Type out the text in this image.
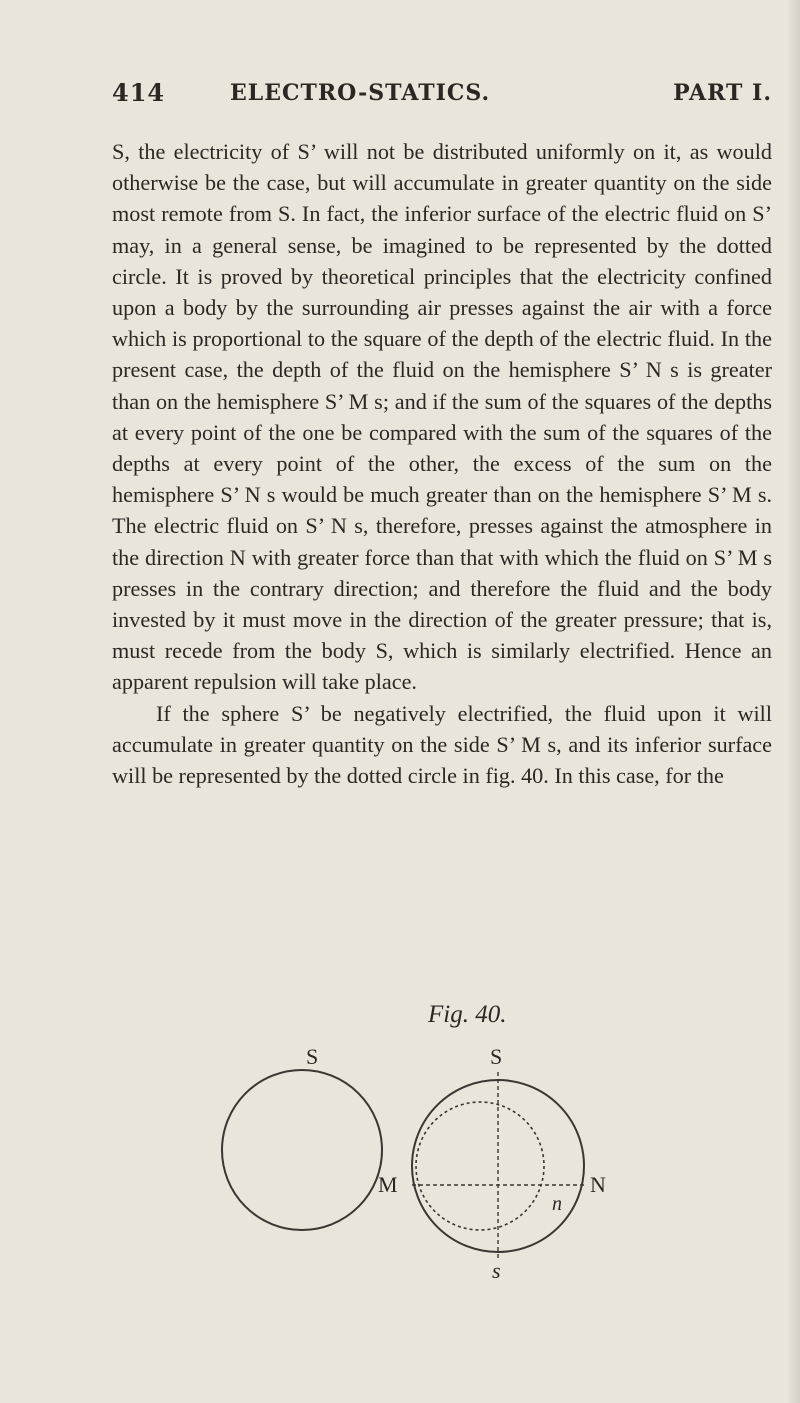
414	ELECTRO-STATICS.	PART I.

S, the electricity of S’ will not be distributed uniformly on it, as would otherwise be the case, but will accumulate in greater quantity on the side most remote from S. In fact, the inferior surface of the electric fluid on S’ may, in a general sense, be imagined to be represented by the dotted circle. It is proved by theoretical principles that the electricity confined upon a body by the surrounding air presses against the air with a force which is proportional to the square of the depth of the electric fluid. In the present case, the depth of the fluid on the hemisphere S’ N s is greater than on the hemisphere S’ M s; and if the sum of the squares of the depths at every point of the one be compared with the sum of the squares of the depths at every point of the other, the excess of the sum on the hemisphere S’ N s would be much greater than on the hemisphere S’ M s. The electric fluid on S’ N s, therefore, presses against the atmosphere in the direction N with greater force than that with which the fluid on S’ M s presses in the contrary direction; and therefore the fluid and the body invested by it must move in the direction of the greater pressure; that is, must recede from the body S, which is similarly electrified. Hence an apparent repulsion will take place.

If the sphere S’ be negatively electrified, the fluid upon it will accumulate in greater quantity on the side S’ M s, and its inferior surface will be represented by the dotted circle in fig. 40. In this case, for the

Fig. 40.
S	S
M	N
n
s
